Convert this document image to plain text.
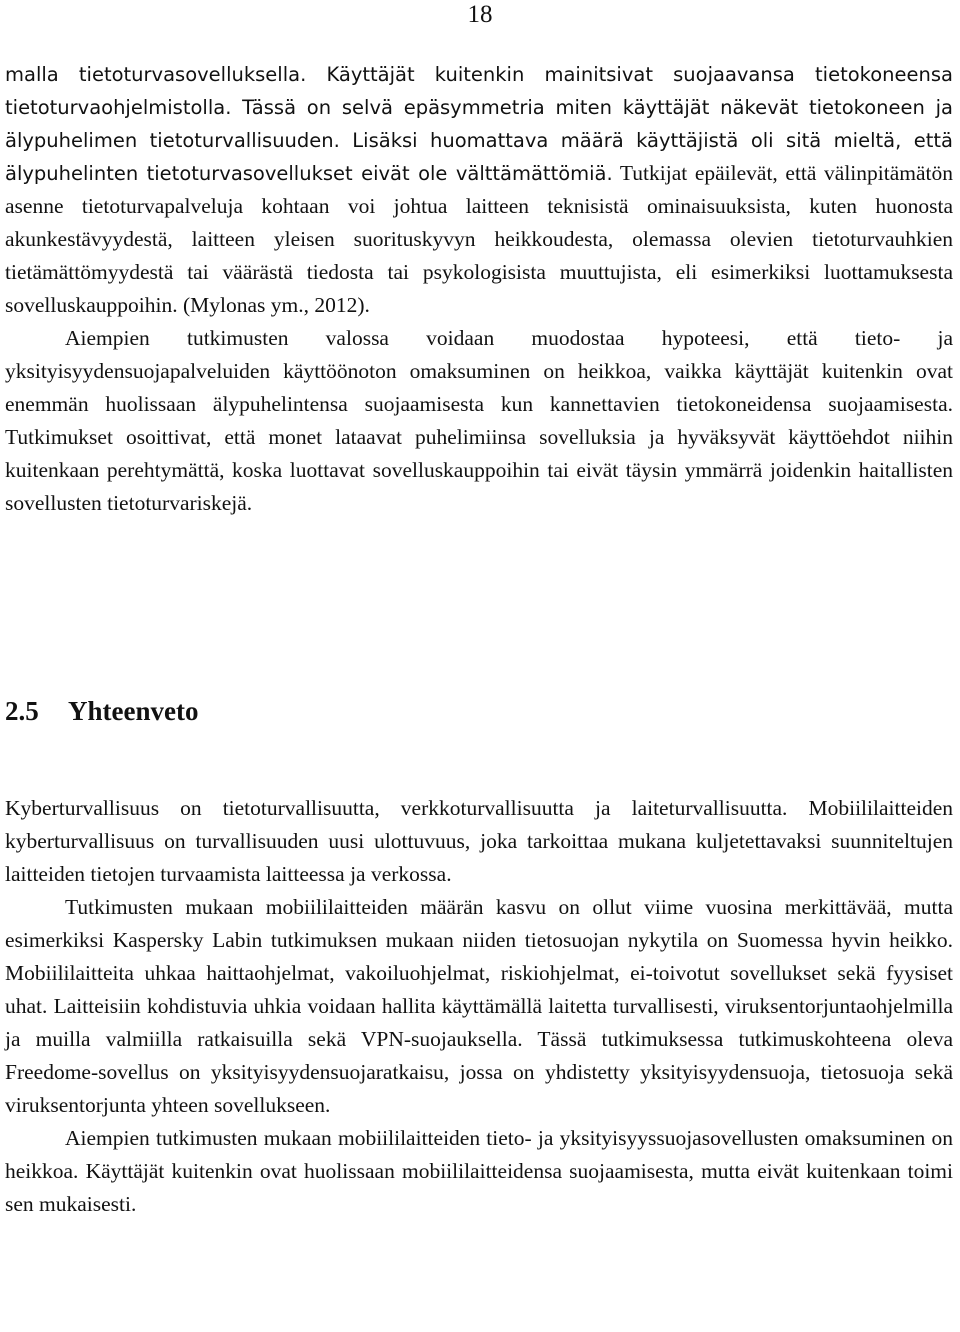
18

malla tietoturvasovelluksella. Käyttäjät kuitenkin mainitsivat suojaavansa tietokoneensa tietoturvaohjelmistolla. Tässä on selvä epäsymmetria miten käyttäjät näkevät tietokoneen ja älypuhelimen tietoturvallisuuden. Lisäksi huomattava määrä käyttäjistä oli sitä mieltä, että älypuhelinten tietoturvasovellukset eivät ole välttämättömiä. Tutkijat epäilevät, että välinpitämätön asenne tietoturvapalveluja kohtaan voi johtua laitteen teknisistä ominaisuuksista, kuten huonosta akunkestävyydestä, laitteen yleisen suorituskyvyn heikkoudesta, olemassa olevien tietoturvauhkien tietämättömyydestä tai väärästä tiedosta tai psykologisista muuttujista, eli esimerkiksi luottamuksesta sovelluskauppoihin. (Mylonas ym., 2012).

Aiempien tutkimusten valossa voidaan muodostaa hypoteesi, että tieto- ja yksityisyydensuojapalveluiden käyttöönoton omaksuminen on heikkoa, vaikka käyttäjät kuitenkin ovat enemmän huolissaan älypuhelintensa suojaamisesta kun kannettavien tietokoneidensa suojaamisesta. Tutkimukset osoittivat, että monet lataavat puhelimiinsa sovelluksia ja hyväksyvät käyttöehdot niihin kuitenkaan perehtymättä, koska luottavat sovelluskauppoihin tai eivät täysin ymmärrä joidenkin haitallisten sovellusten tietoturvariskejä.

2.5 Yhteenveto

Kyberturvallisuus on tietoturvallisuutta, verkkoturvallisuutta ja laiteturvallisuutta. Mobiililaitteiden kyberturvallisuus on turvallisuuden uusi ulottuvuus, joka tarkoittaa mukana kuljetettavaksi suunniteltujen laitteiden tietojen turvaamista laitteessa ja verkossa.

Tutkimusten mukaan mobiililaitteiden määrän kasvu on ollut viime vuosina merkittävää, mutta esimerkiksi Kaspersky Labin tutkimuksen mukaan niiden tietosuojan nykytila on Suomessa hyvin heikko. Mobiililaitteita uhkaa haittaohjelmat, vakoiluohjelmat, riskiohjelmat, ei-toivotut sovellukset sekä fyysiset uhat. Laitteisiin kohdistuvia uhkia voidaan hallita käyttämällä laitetta turvallisesti, viruksentorjuntaohjelmilla ja muilla valmiilla ratkaisuilla sekä VPN-suojauksella. Tässä tutkimuksessa tutkimuskohteena oleva Freedome-sovellus on yksityisyydensuojaratkaisu, jossa on yhdistetty yksityisyydensuoja, tietosuoja sekä viruksentorjunta yhteen sovellukseen.

Aiempien tutkimusten mukaan mobiililaitteiden tieto- ja yksityisyyssuojasovellusten omaksuminen on heikkoa. Käyttäjät kuitenkin ovat huolissaan mobiililaitteidensa suojaamisesta, mutta eivät kuitenkaan toimi sen mukaisesti.
